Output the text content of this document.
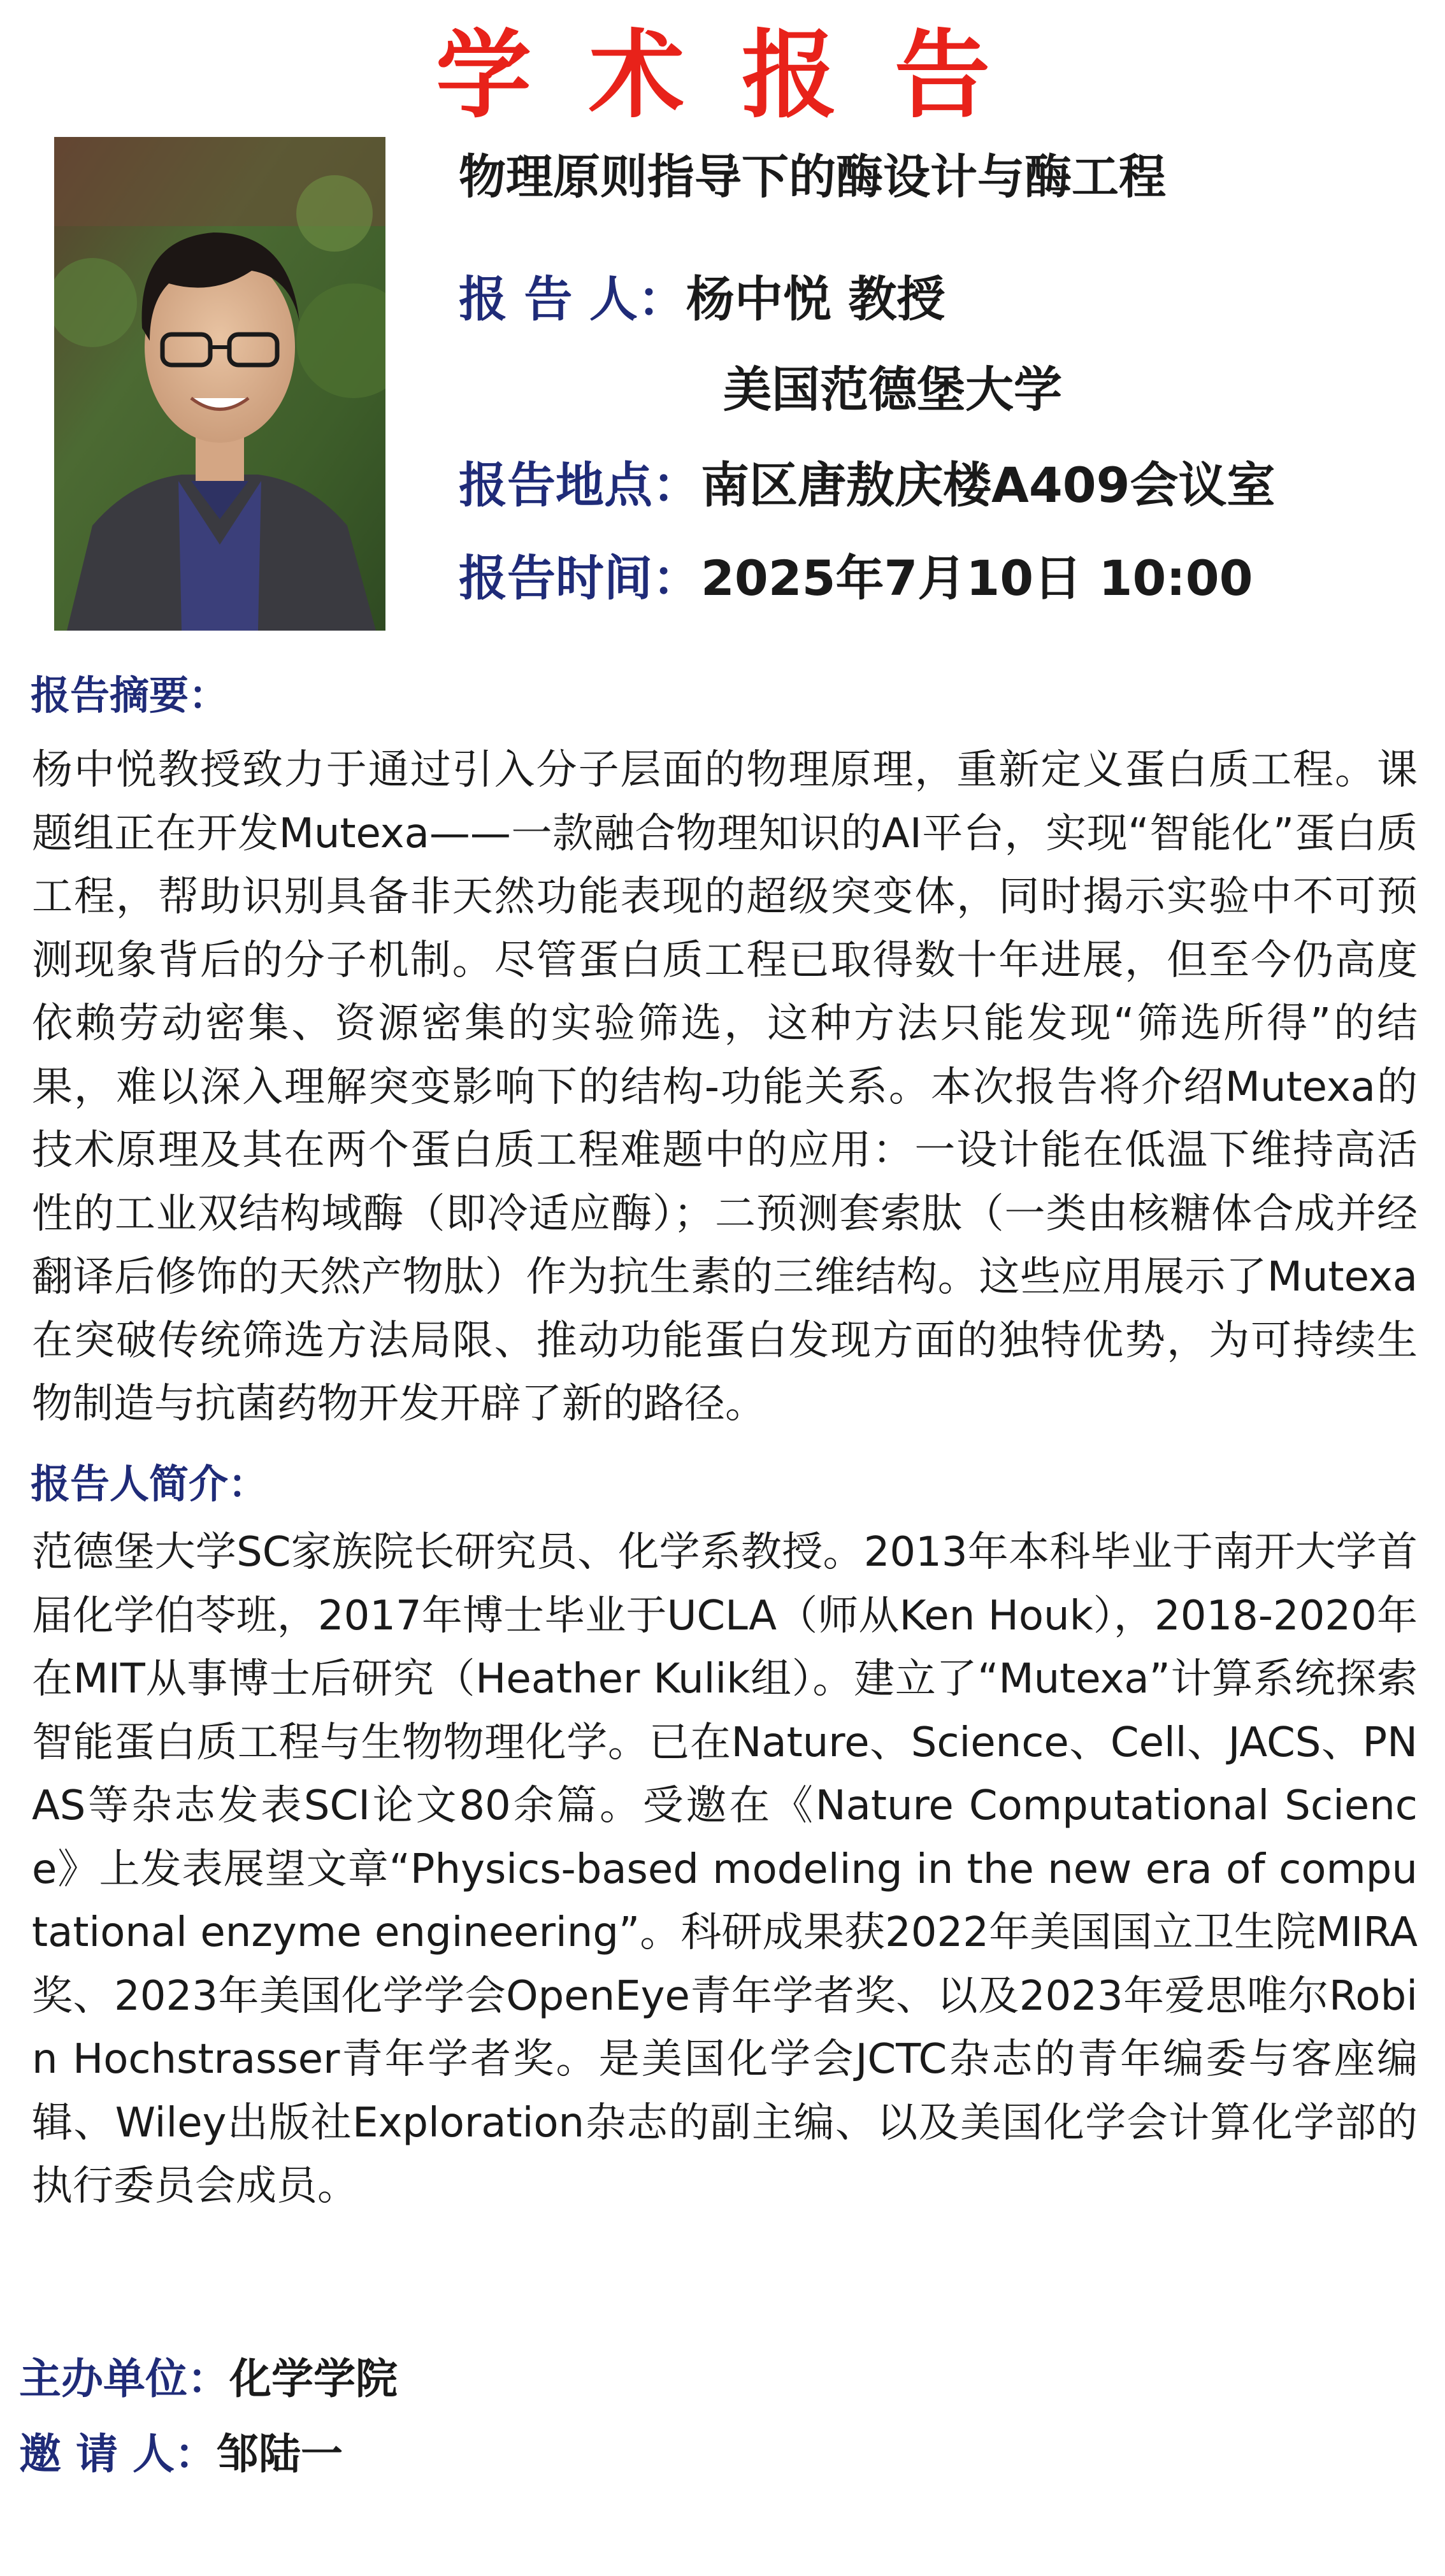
学术报告
物理原则指导下的酶设计与酶工程
报 告 人：杨中悦 教授
美国范德堡大学
报告地点：南区唐敖庆楼A409会议室
报告时间：2025年7月10日 10:00
报告摘要：
杨中悦教授致力于通过引入分子层面的物理原理，重新定义蛋白质工程。课题组正在开发Mutexa——一款融合物理知识的AI平台，实现“智能化”蛋白质工程，帮助识别具备非天然功能表现的超级突变体，同时揭示实验中不可预测现象背后的分子机制。尽管蛋白质工程已取得数十年进展，但至今仍高度依赖劳动密集、资源密集的实验筛选，这种方法只能发现“筛选所得”的结果，难以深入理解突变影响下的结构-功能关系。本次报告将介绍Mutexa的技术原理及其在两个蛋白质工程难题中的应用：一设计能在低温下维持高活性的工业双结构域酶（即冷适应酶）；二预测套索肽（一类由核糖体合成并经翻译后修饰的天然产物肽）作为抗生素的三维结构。这些应用展示了Mutexa在突破传统筛选方法局限、推动功能蛋白发现方面的独特优势，为可持续生物制造与抗菌药物开发开辟了新的路径。
报告人简介：
范德堡大学SC家族院长研究员、化学系教授。2013年本科毕业于南开大学首届化学伯苓班，2017年博士毕业于UCLA（师从Ken Houk），2018-2020年在MIT从事博士后研究（Heather Kulik组）。建立了“Mutexa”计算系统探索智能蛋白质工程与生物物理化学。已在Nature、Science、Cell、JACS、PNAS等杂志发表SCI论文80余篇。受邀在《Nature Computational Science》上发表展望文章“Physics-based modeling in the new era of computational enzyme engineering”。科研成果获2022年美国国立卫生院MIRA奖、2023年美国化学学会OpenEye青年学者奖、以及2023年爱思唯尔Robin Hochstrasser青年学者奖。是美国化学会JCTC杂志的青年编委与客座编辑、Wiley出版社Exploration杂志的副主编、以及美国化学会计算化学部的执行委员会成员。
主办单位：化学学院
邀 请 人：邹陆一
